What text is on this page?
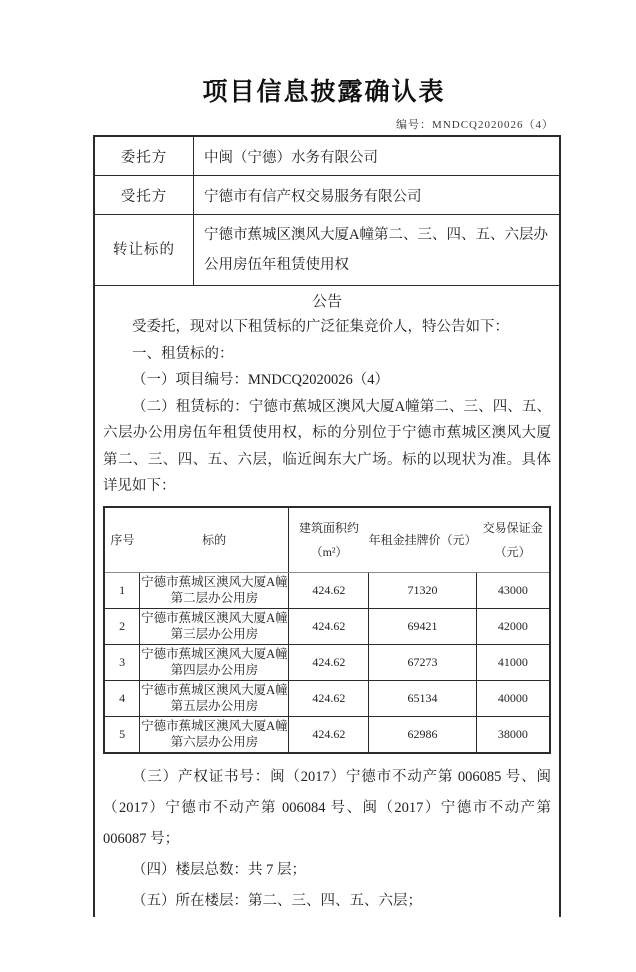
项目信息披露确认表
编号：MNDCQ2020026（4）
委托方	中闽（宁德）水务有限公司
受托方	宁德市有信产权交易服务有限公司
转让标的	宁德市蕉城区澳风大厦A幢第二、三、四、五、六层办公用房伍年租赁使用权

公告

受委托，现对以下租赁标的广泛征集竞价人，特公告如下：

一、租赁标的：

（一）项目编号：MNDCQ2020026（4）

（二）租赁标的：宁德市蕉城区澳风大厦A幢第二、三、四、五、六层办公用房伍年租赁使用权，标的分别位于宁德市蕉城区澳风大厦第二、三、四、五、六层，临近闽东大广场。标的以现状为准。具体详见如下：

序号	标的	建筑面积约（m²）	年租金挂牌价（元）	交易保证金（元）
1	宁德市蕉城区澳风大厦A幢第二层办公用房	424.62	71320	43000
2	宁德市蕉城区澳风大厦A幢第三层办公用房	424.62	69421	42000
3	宁德市蕉城区澳风大厦A幢第四层办公用房	424.62	67273	41000
4	宁德市蕉城区澳风大厦A幢第五层办公用房	424.62	65134	40000
5	宁德市蕉城区澳风大厦A幢第六层办公用房	424.62	62986	38000

（三）产权证书号：闽（2017）宁德市不动产第 006085 号、闽（2017）宁德市不动产第 006084 号、闽（2017）宁德市不动产第 006087 号；

（四）楼层总数：共 7 层；

（五）所在楼层：第二、三、四、五、六层；
